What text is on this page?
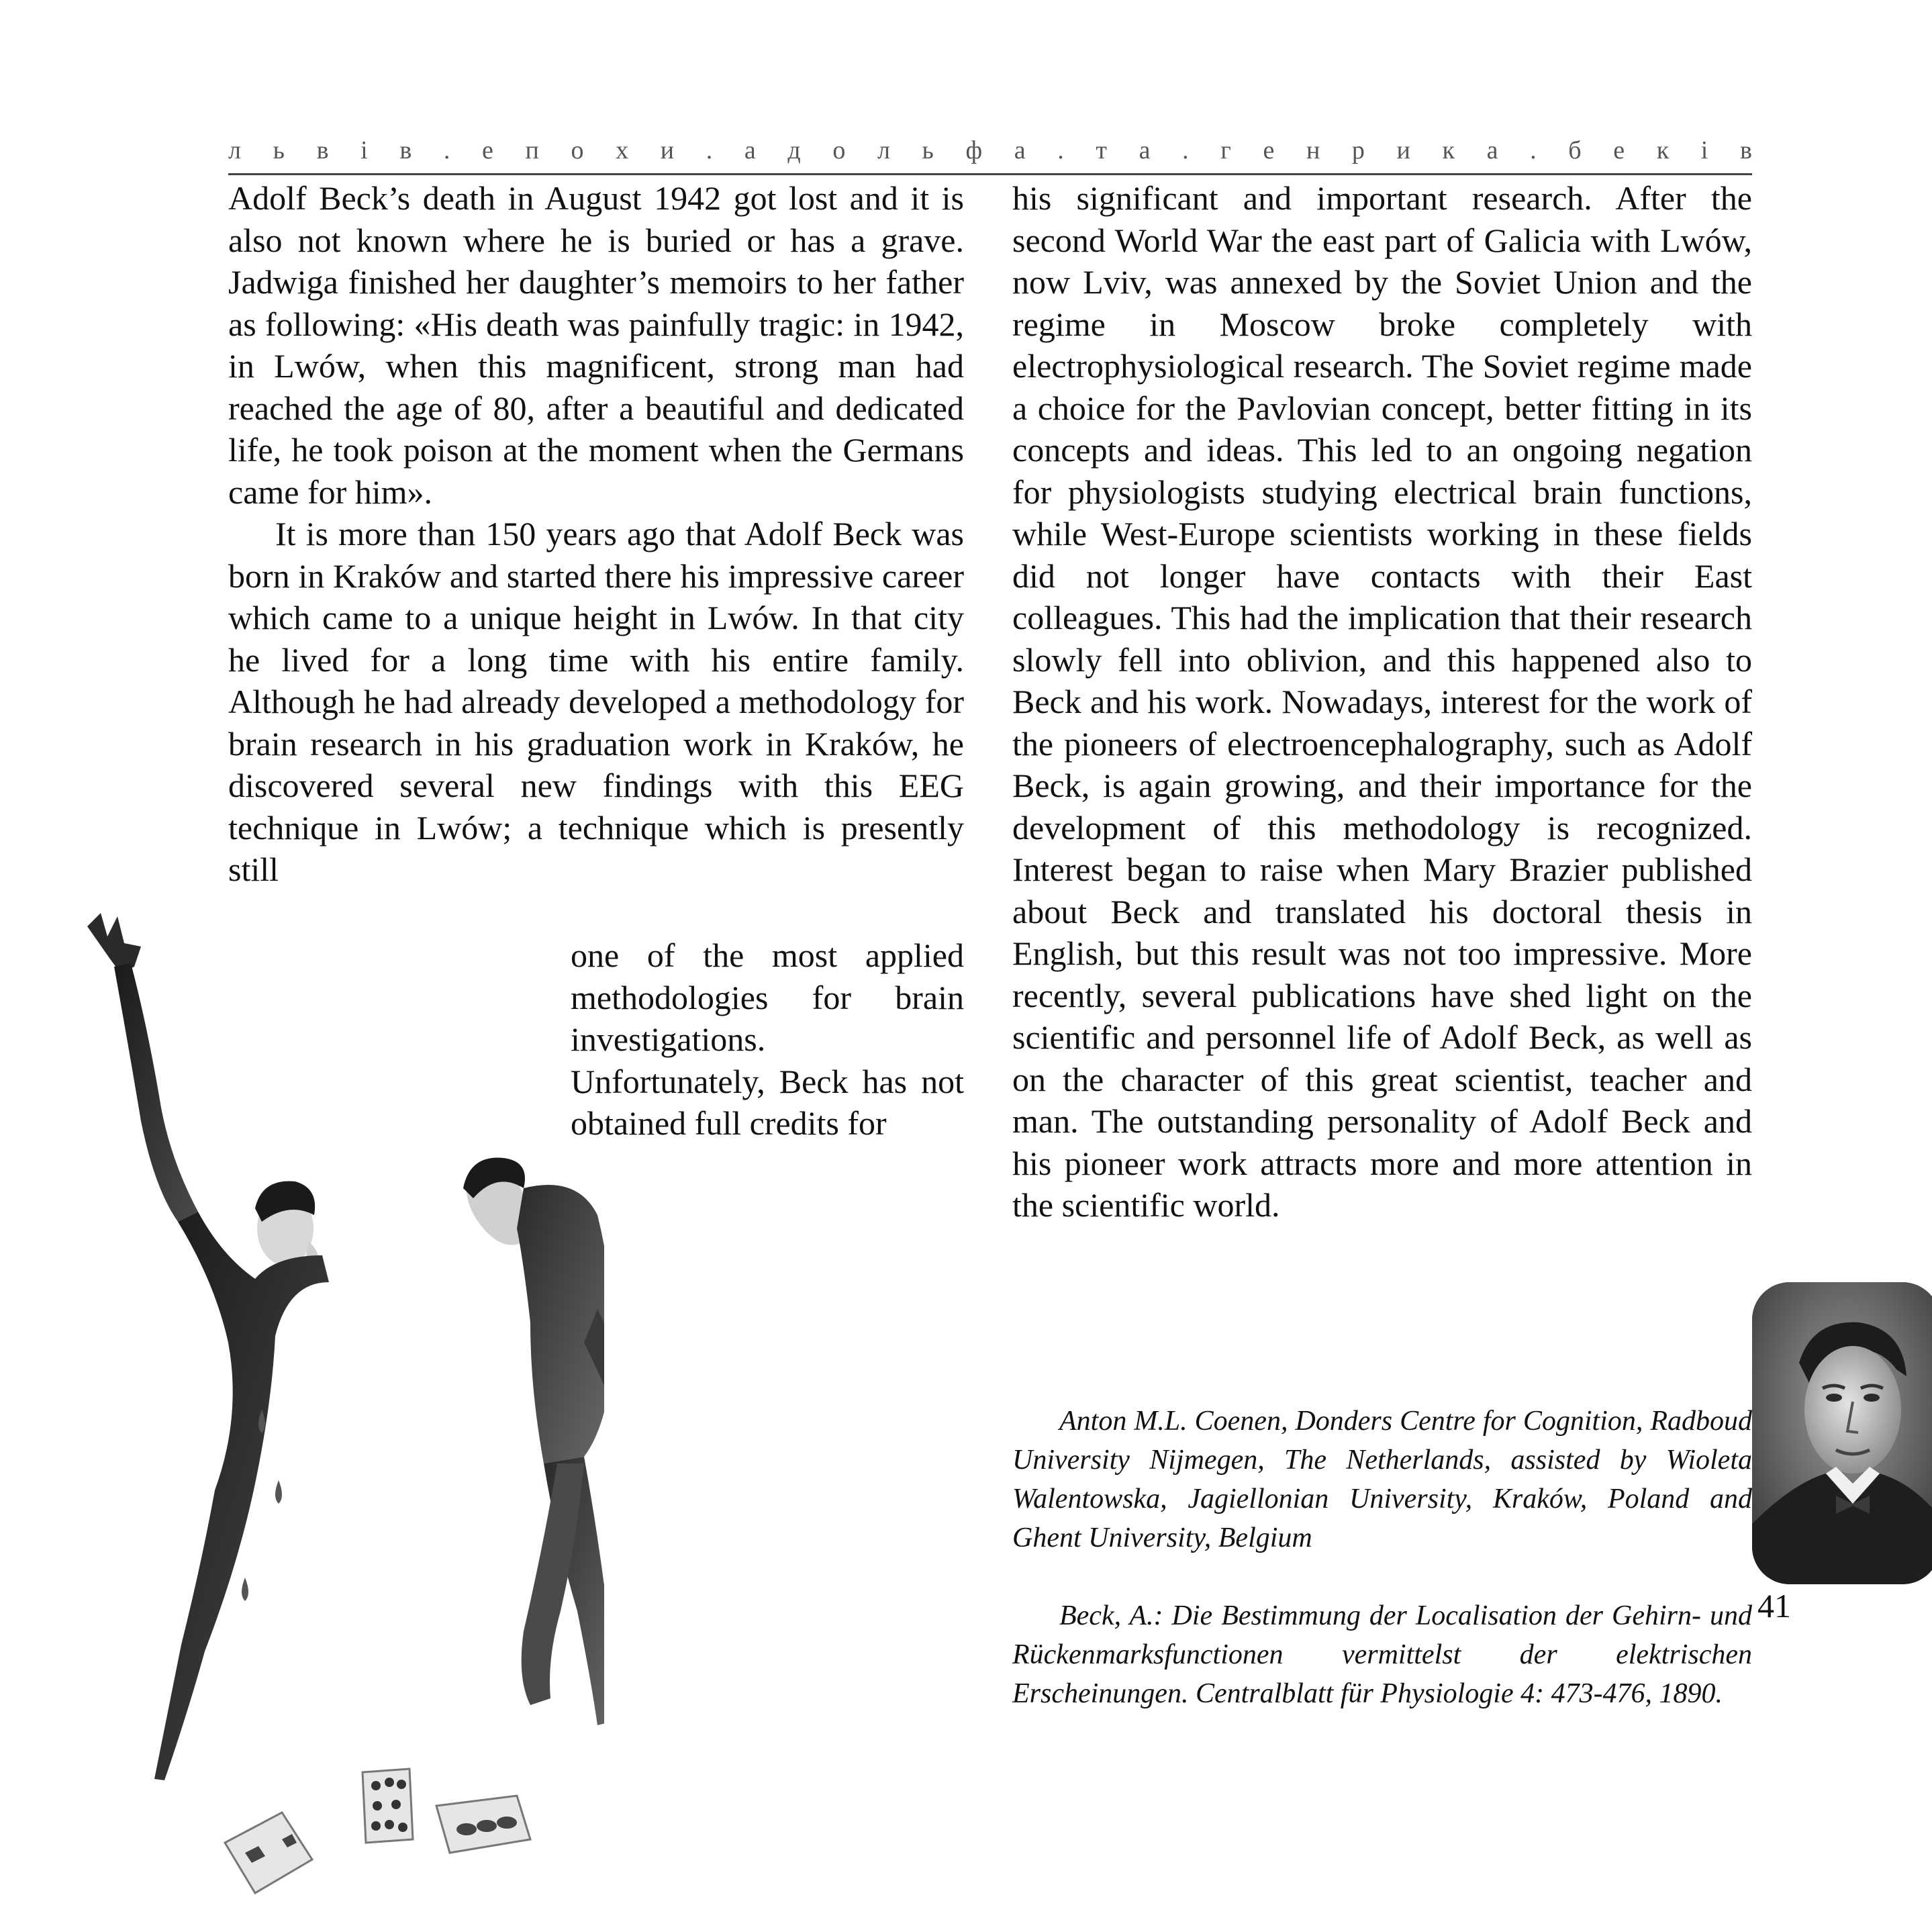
л ь в і в . е п о х и . а д о л ь ф а . т а . г е н р и к а . б е к і в

Adolf Beck’s death in August 1942 got lost and it is also not known where he is buried or has a grave. Jadwiga finished her daughter’s memoirs to her father as following: «His death was painfully tragic: in 1942, in Lwów, when this magnificent, strong man had reached the age of 80, after a beautiful and dedicated life, he took poison at the moment when the Germans came for him».

It is more than 150 years ago that Adolf Beck was born in Kraków and started there his impressive career which came to a unique height in Lwów. In that city he lived for a long time with his entire family. Although he had already developed a methodology for brain research in his graduation work in Kraków, he discovered several new findings with this EEG technique in Lwów; a technique which is presently still

one of the most applied methodologies for brain investigations. Unfortunately, Beck has not obtained full credits for

his significant and important research. After the second World War the east part of Galicia with Lwów, now Lviv, was annexed by the Soviet Union and the regime in Moscow broke completely with electrophysiological research. The Soviet regime made a choice for the Pavlovian concept, better fitting in its concepts and ideas. This led to an ongoing negation for physiologists studying electrical brain functions, while West-Europe scientists working in these fields did not longer have contacts with their East colleagues. This had the implication that their research slowly fell into oblivion, and this happened also to Beck and his work. Nowadays, interest for the work of the pioneers of electroencephalography, such as Adolf Beck, is again growing, and their importance for the development of this methodology is recognized. Interest began to raise when Mary Brazier published about Beck and translated his doctoral thesis in English, but this result was not too impressive. More recently, several publications have shed light on the scientific and personnel life of Adolf Beck, as well as on the character of this great scientist, teacher and man. The outstanding personality of Adolf Beck and his pioneer work attracts more and more attention in the scientific world.

Anton M.L. Coenen, Donders Centre for Cognition, Radboud University Nijmegen, The Netherlands, assisted by Wioleta Walentowska, Jagiellonian University, Kraków, Poland and Ghent University, Belgium

Beck, A.: Die Bestimmung der Localisation der Gehirn- und Rückenmarksfunctionen vermittelst der elektrischen Erscheinungen. Centralblatt für Physiologie 4: 473-476, 1890.

41
